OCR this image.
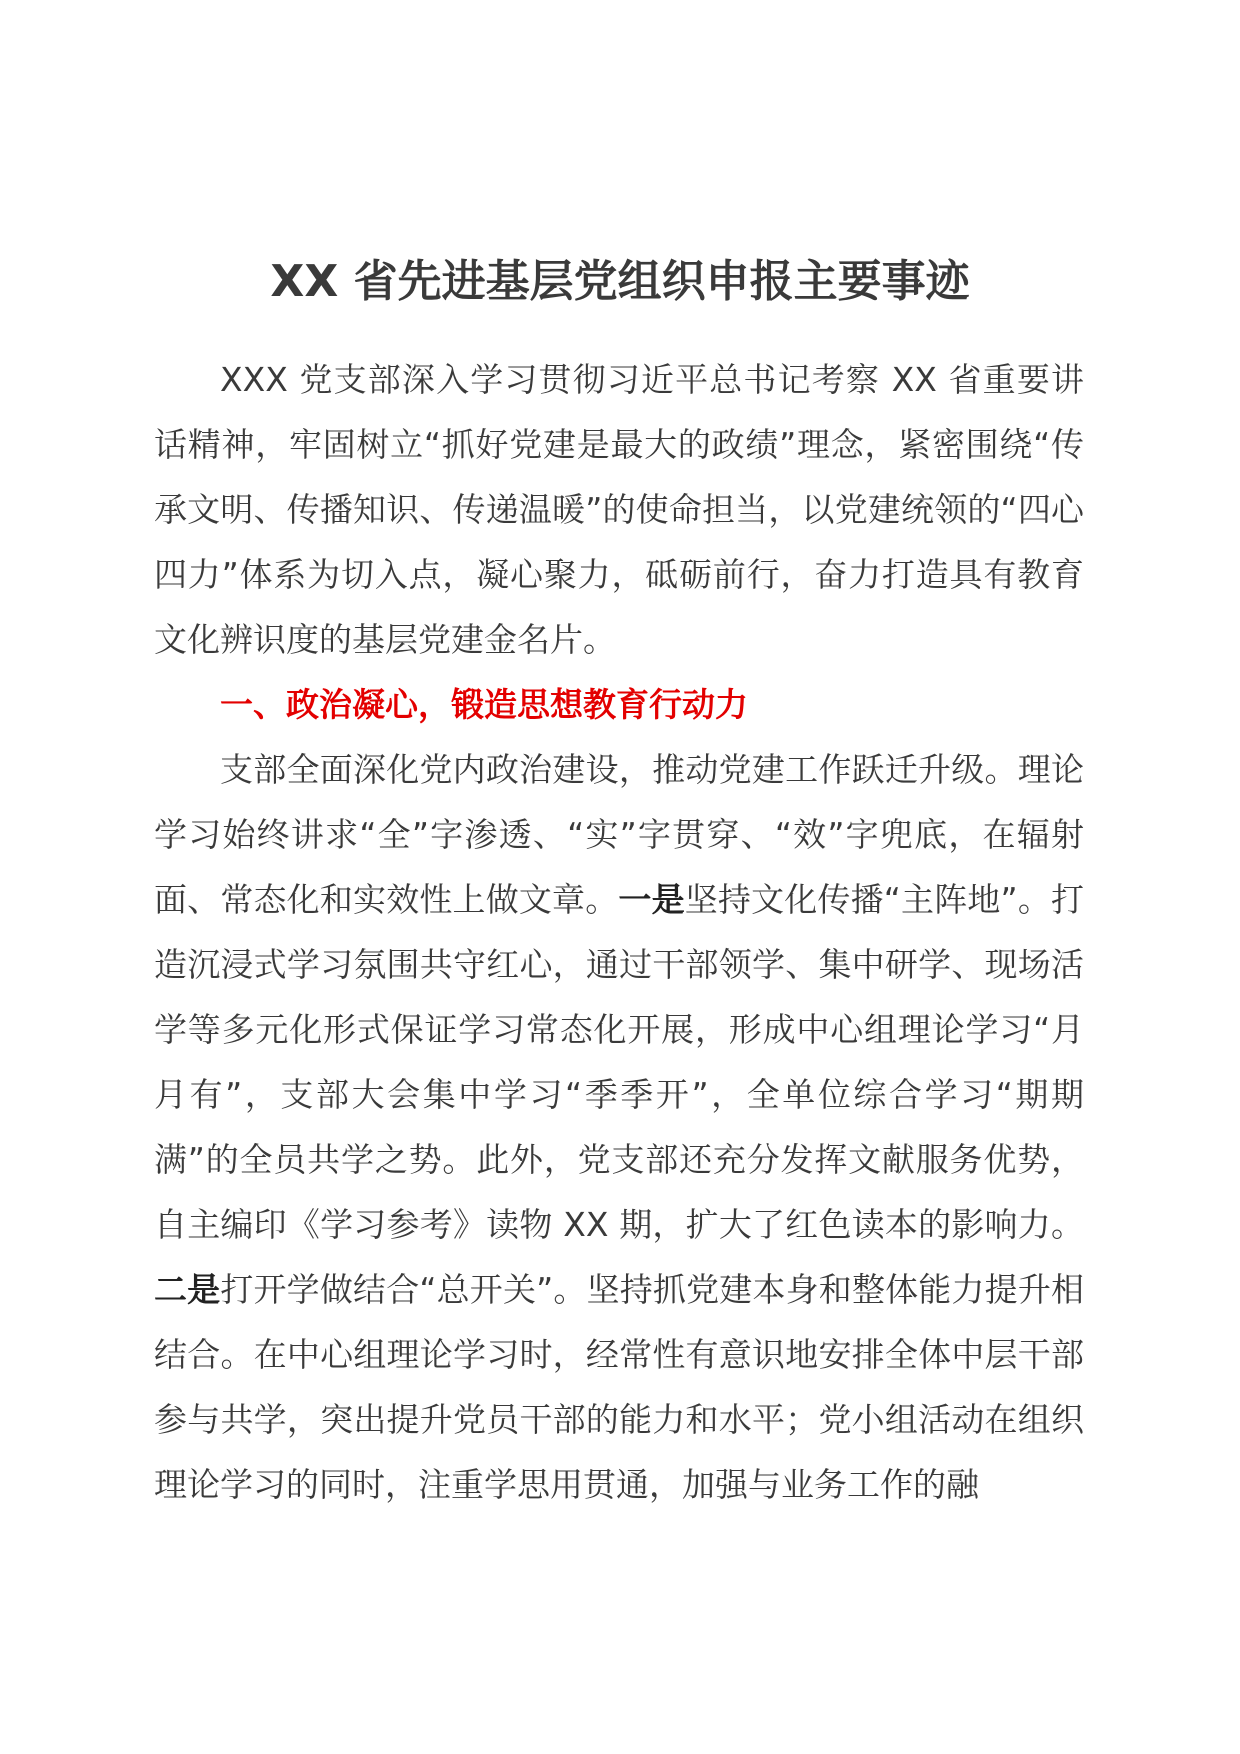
XX 省先进基层党组织申报主要事迹

XXX 党支部深入学习贯彻习近平总书记考察 XX 省重要讲话精神，牢固树立“抓好党建是最大的政绩”理念，紧密围绕“传承文明、传播知识、传递温暖”的使命担当，以党建统领的“四心四力”体系为切入点，凝心聚力，砥砺前行，奋力打造具有教育文化辨识度的基层党建金名片。

一、政治凝心，锻造思想教育行动力

支部全面深化党内政治建设，推动党建工作跃迁升级。理论学习始终讲求“全”字渗透、“实”字贯穿、“效”字兜底，在辐射面、常态化和实效性上做文章。一是坚持文化传播“主阵地”。打造沉浸式学习氛围共守红心，通过干部领学、集中研学、现场活学等多元化形式保证学习常态化开展，形成中心组理论学习“月月有”，支部大会集中学习“季季开”，全单位综合学习“期期满”的全员共学之势。此外，党支部还充分发挥文献服务优势，自主编印《学习参考》读物 XX 期，扩大了红色读本的影响力。二是打开学做结合“总开关”。坚持抓党建本身和整体能力提升相结合。在中心组理论学习时，经常性有意识地安排全体中层干部参与共学，突出提升党员干部的能力和水平；党小组活动在组织理论学习的同时，注重学思用贯通，加强与业务工作的融
